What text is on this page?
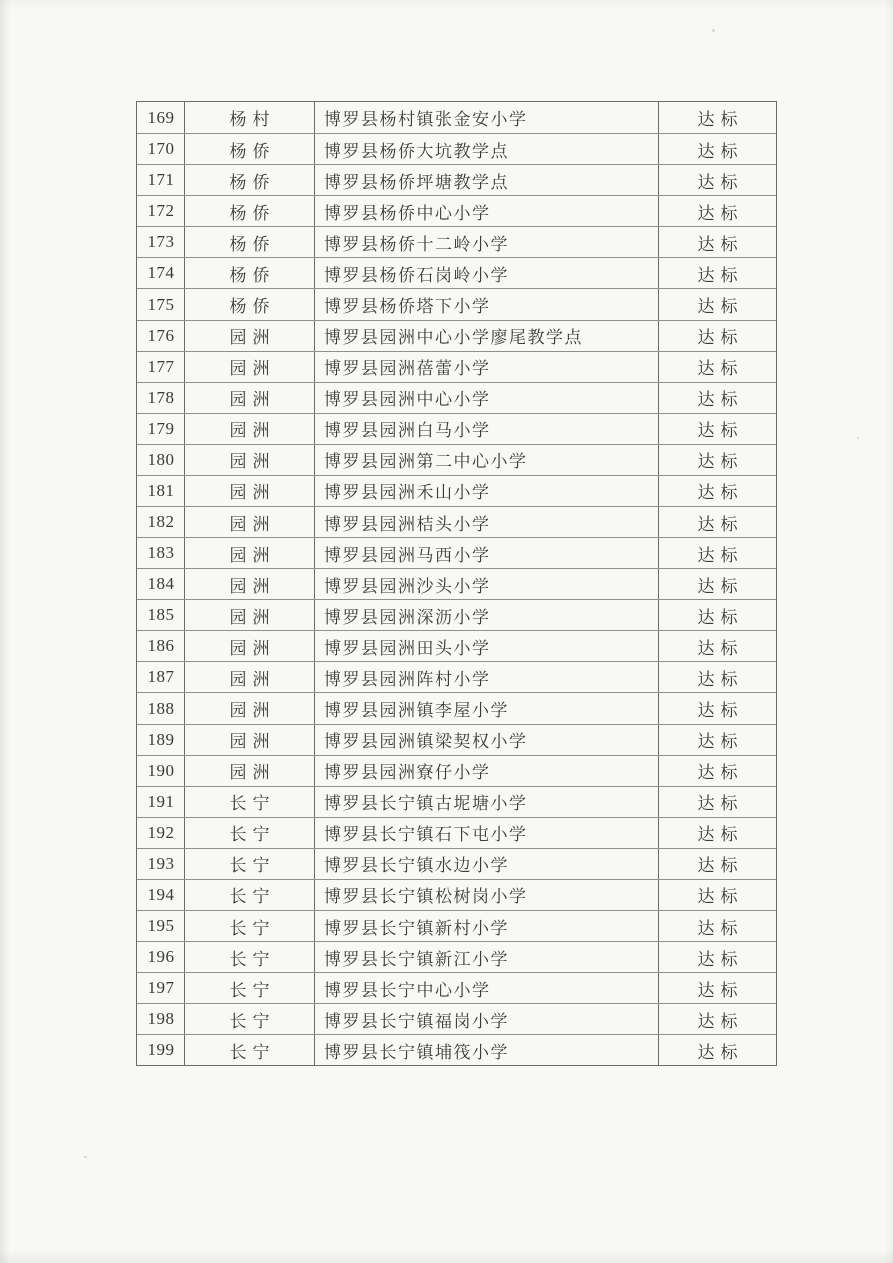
169	杨村	博罗县杨村镇张金安小学	达标
170	杨侨	博罗县杨侨大坑教学点	达标
171	杨侨	博罗县杨侨坪塘教学点	达标
172	杨侨	博罗县杨侨中心小学	达标
173	杨侨	博罗县杨侨十二岭小学	达标
174	杨侨	博罗县杨侨石岗岭小学	达标
175	杨侨	博罗县杨侨塔下小学	达标
176	园洲	博罗县园洲中心小学廖尾教学点	达标
177	园洲	博罗县园洲蓓蕾小学	达标
178	园洲	博罗县园洲中心小学	达标
179	园洲	博罗县园洲白马小学	达标
180	园洲	博罗县园洲第二中心小学	达标
181	园洲	博罗县园洲禾山小学	达标
182	园洲	博罗县园洲桔头小学	达标
183	园洲	博罗县园洲马西小学	达标
184	园洲	博罗县园洲沙头小学	达标
185	园洲	博罗县园洲深沥小学	达标
186	园洲	博罗县园洲田头小学	达标
187	园洲	博罗县园洲阵村小学	达标
188	园洲	博罗县园洲镇李屋小学	达标
189	园洲	博罗县园洲镇梁契权小学	达标
190	园洲	博罗县园洲寮仔小学	达标
191	长宁	博罗县长宁镇古坭塘小学	达标
192	长宁	博罗县长宁镇石下屯小学	达标
193	长宁	博罗县长宁镇水边小学	达标
194	长宁	博罗县长宁镇松树岗小学	达标
195	长宁	博罗县长宁镇新村小学	达标
196	长宁	博罗县长宁镇新江小学	达标
197	长宁	博罗县长宁中心小学	达标
198	长宁	博罗县长宁镇福岗小学	达标
199	长宁	博罗县长宁镇埔筏小学	达标
